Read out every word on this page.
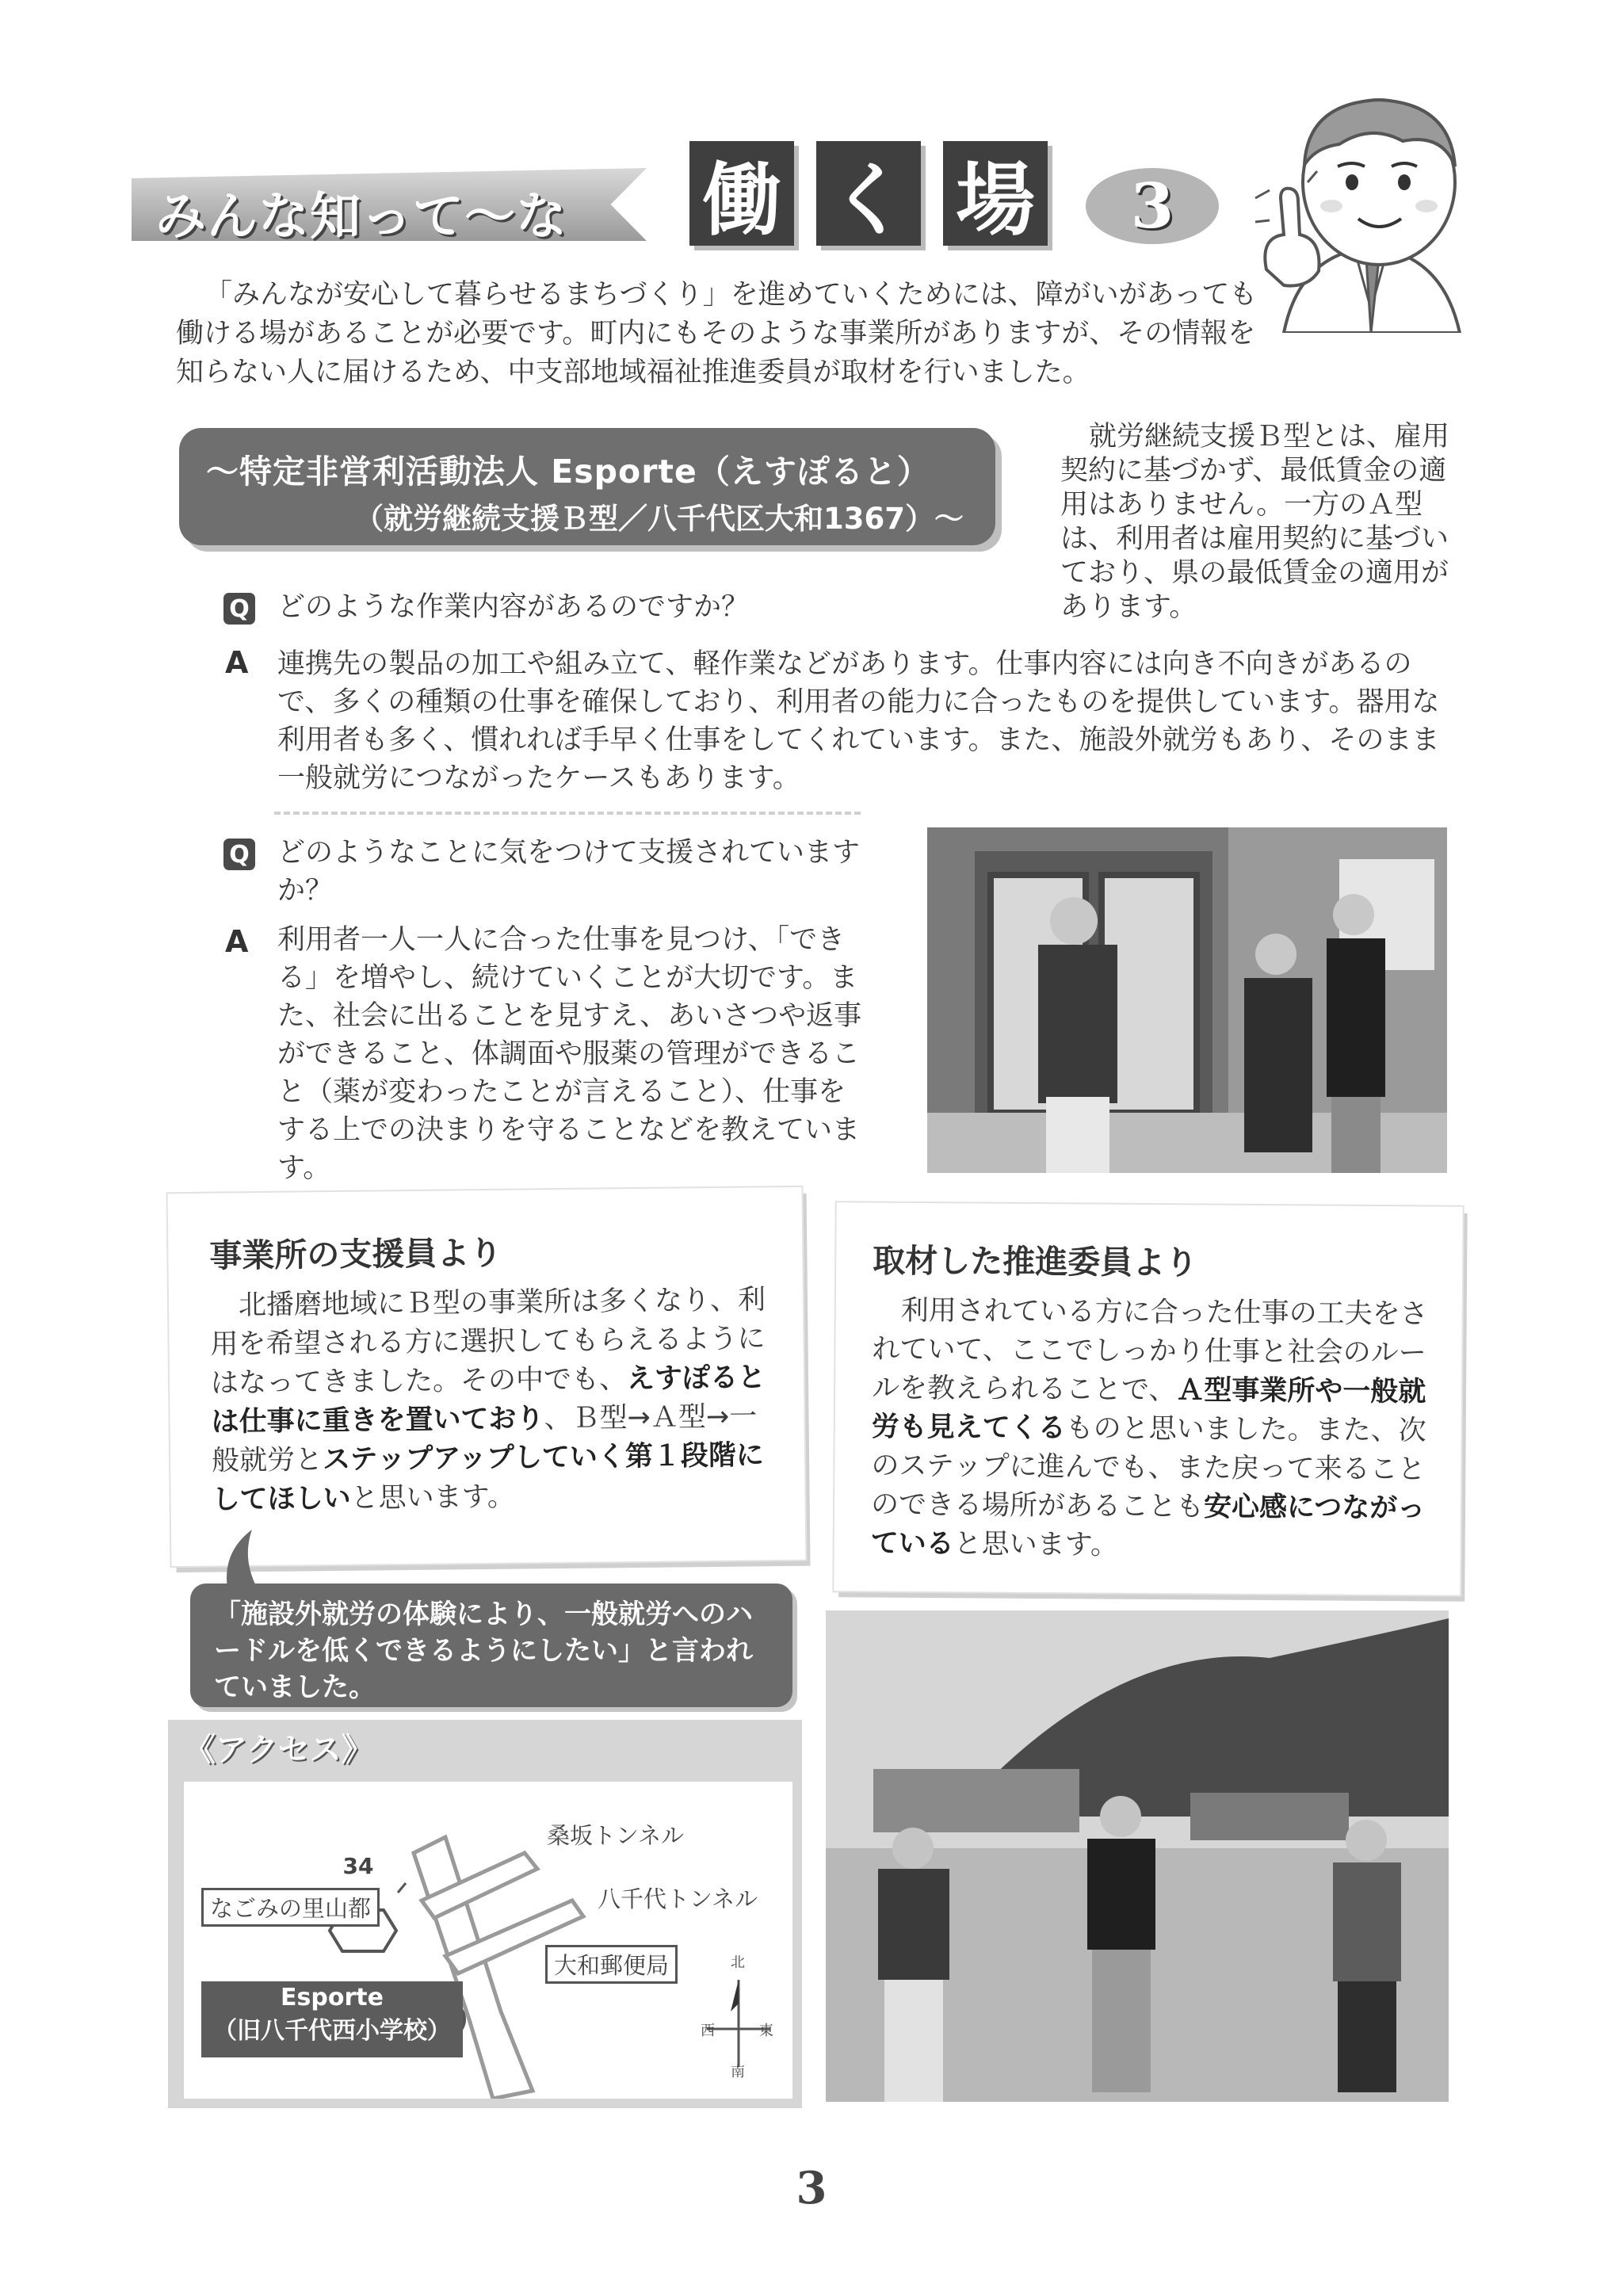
みんな知って〜な 働 く 場	3

「みんなが安心して暮らせるまちづくり」を進めていくためには、障がいがあっても働ける場があることが必要です。町内にもそのような事業所がありますが、その情報を知らない人に届けるため、中支部地域福祉推進委員が取材を行いました。

〜特定非営利活動法人 Esporte（えすぽると）
（就労継続支援Ｂ型／八千代区大和1367）〜

就労継続支援Ｂ型とは、雇用契約に基づかず、最低賃金の適用はありません。一方のＡ型は、利用者は雇用契約に基づいており、県の最低賃金の適用があります。

Q どのような作業内容があるのですか？
A 連携先の製品の加工や組み立て、軽作業などがあります。仕事内容には向き不向きがあるので、多くの種類の仕事を確保しており、利用者の能力に合ったものを提供しています。器用な利用者も多く、慣れれば手早く仕事をしてくれています。また、施設外就労もあり、そのまま一般就労につながったケースもあります。
Q どのようなことに気をつけて支援されていますか？
A 利用者一人一人に合った仕事を見つけ、「できる」を増やし、続けていくことが大切です。また、社会に出ることを見すえ、あいさつや返事ができること、体調面や服薬の管理ができること（薬が変わったことが言えること）、仕事をする上での決まりを守ることなどを教えています。
事業所の支援員より
北播磨地域にＢ型の事業所は多くなり、利用を希望される方に選択してもらえるようにはなってきました。その中でも、えすぽるとは仕事に重きを置いており、Ｂ型→Ａ型→一般就労とステップアップしていく第１段階にしてほしいと思います。
取材した推進委員より
利用されている方に合った仕事の工夫をされていて、ここでしっかり仕事と社会のルールを教えられることで、Ａ型事業所や一般就労も見えてくるものと思いました。また、次のステップに進んでも、また戻って来ることのできる場所があることも安心感につながっていると思います。
「施設外就労の体験により、一般就労へのハードルを低くできるようにしたい」と言われていました。
《アクセス》
34
桑坂トンネル
八千代トンネル
なごみの里山都
大和郵便局
Esporte
（旧八千代西小学校）
北
南
東
西
3
